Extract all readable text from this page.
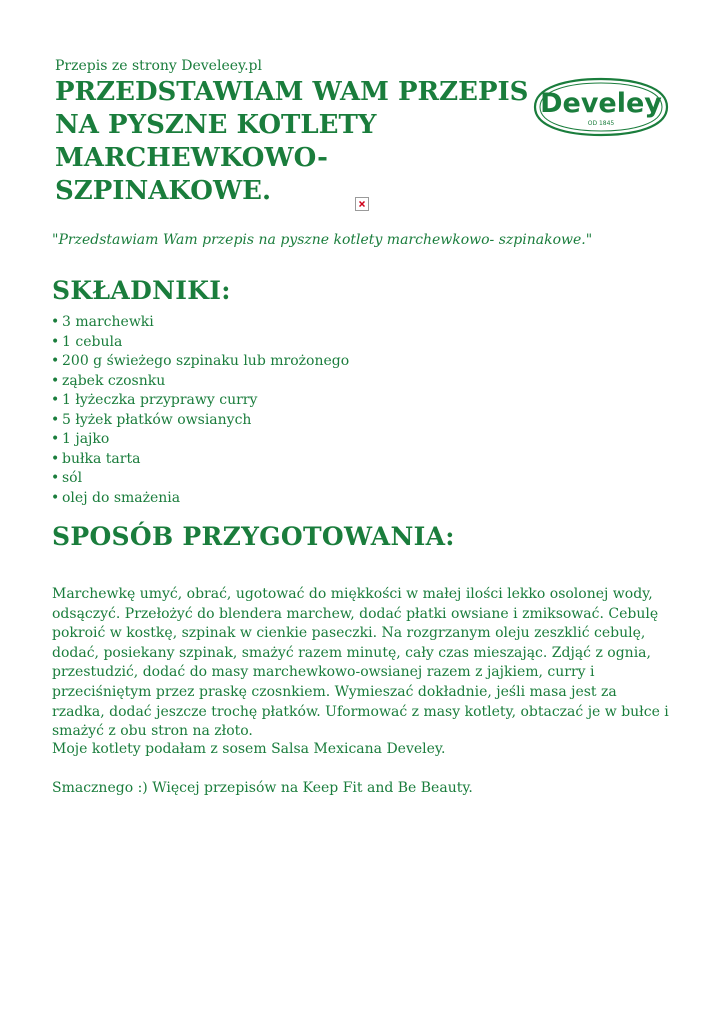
Przepis ze strony Develeey.pl
PRZEDSTAWIAM WAM PRZEPIS NA PYSZNE KOTLETY MARCHEWKOWO- SZPINAKOWE.
Develey
OD 1845
"Przedstawiam Wam przepis na pyszne kotlety marchewkowo- szpinakowe."
SKŁADNIKI:
• 3 marchewki
• 1 cebula
• 200 g świeżego szpinaku lub mrożonego
• ząbek czosnku
• 1 łyżeczka przyprawy curry
• 5 łyżek płatków owsianych
• 1 jajko
• bułka tarta
• sól
• olej do smażenia
SPOSÓB PRZYGOTOWANIA:

Marchewkę umyć, obrać, ugotować do miękkości w małej ilości lekko osolonej wody, odsączyć. Przełożyć do blendera marchew, dodać płatki owsiane i zmiksować. Cebulę pokroić w kostkę, szpinak w cienkie paseczki. Na rozgrzanym oleju zeszklić cebulę, dodać, posiekany szpinak, smażyć razem minutę, cały czas mieszając. Zdjąć z ognia, przestudzić, dodać do masy marchewkowo-owsianej razem z jajkiem, curry i przeciśniętym przez praskę czosnkiem. Wymieszać dokładnie, jeśli masa jest za rzadka, dodać jeszcze trochę płatków. Uformować z masy kotlety, obtaczać je w bułce i smażyć z obu stron na złoto.

Moje kotlety podałam z sosem Salsa Mexicana Develey.

Smacznego :) Więcej przepisów na Keep Fit and Be Beauty.
